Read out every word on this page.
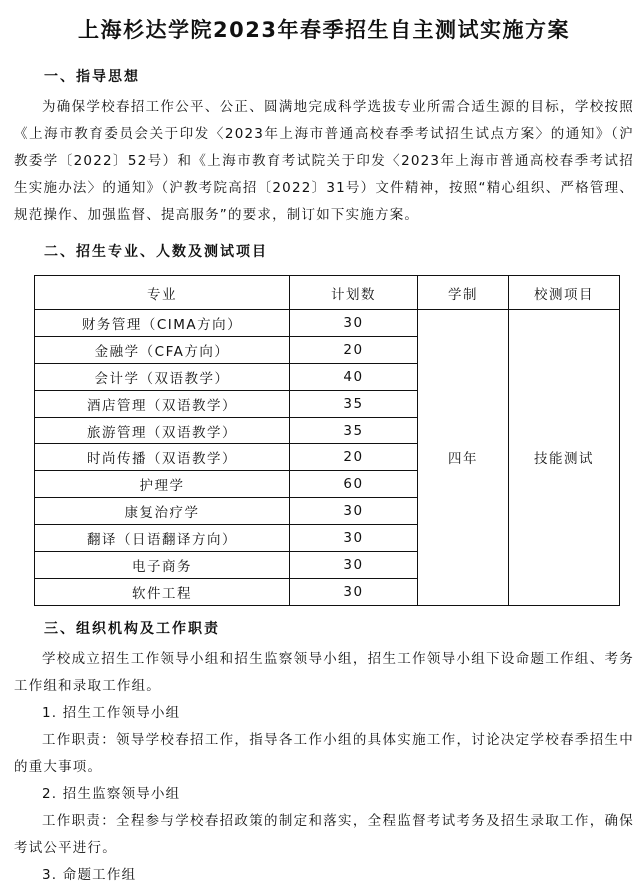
上海杉达学院2023年春季招生自主测试实施方案
一、指导思想

为确保学校春招工作公平、公正、圆满地完成科学选拔专业所需合适生源的目标，学校按照《上海市教育委员会关于印发〈2023年上海市普通高校春季考试招生试点方案〉的通知》（沪教委学〔2022〕52号）和《上海市教育考试院关于印发〈2023年上海市普通高校春季考试招生实施办法〉的通知》（沪教考院高招〔2022〕31号）文件精神，按照“精心组织、严格管理、规范操作、加强监督、提高服务”的要求，制订如下实施方案。

二、招生专业、人数及测试项目
专业	计划数	学制	校测项目
财务管理（CIMA方向）	30	四年	技能测试
金融学（CFA方向）	20		
会计学（双语教学）	40		
酒店管理（双语教学）	35		
旅游管理（双语教学）	35		
时尚传播（双语教学）	20		
护理学	60		
康复治疗学	30		
翻译（日语翻译方向）	30		
电子商务	30		
软件工程	30		
三、组织机构及工作职责

学校成立招生工作领导小组和招生监察领导小组，招生工作领导小组下设命题工作组、考务工作组和录取工作组。

1. 招生工作领导小组

工作职责：领导学校春招工作，指导各工作小组的具体实施工作，讨论决定学校春季招生中的重大事项。

2. 招生监察领导小组

工作职责：全程参与学校春招政策的制定和落实，全程监督考试考务及招生录取工作，确保考试公平进行。

3. 命题工作组
